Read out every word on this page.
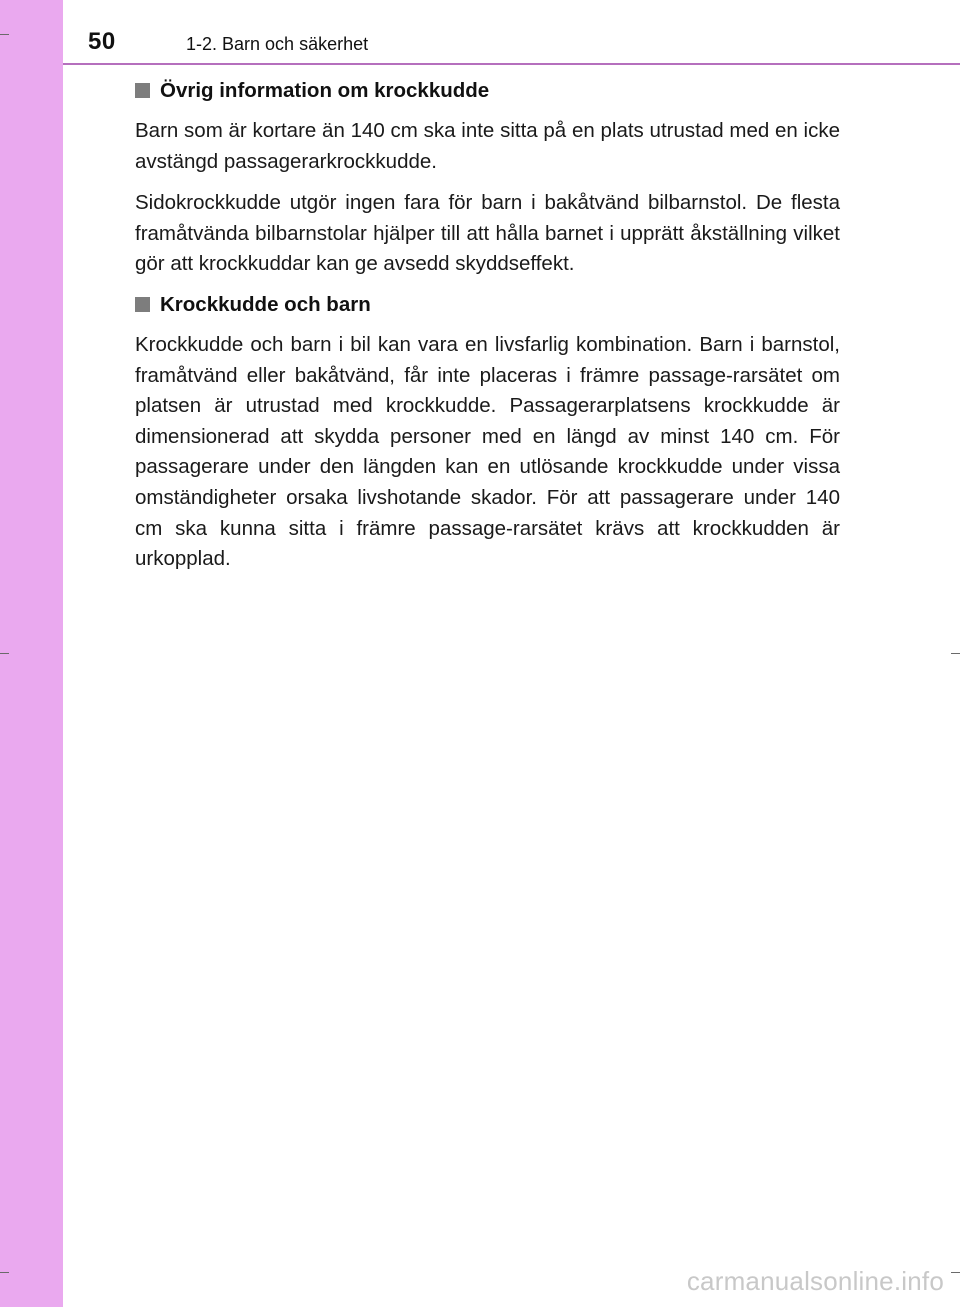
50	1-2. Barn och säkerhet
Övrig information om krockkudde

Barn som är kortare än 140 cm ska inte sitta på en plats utrustad med en icke avstängd passagerarkrockkudde.

Sidokrockkudde utgör ingen fara för barn i bakåtvänd bilbarnstol. De flesta framåtvända bilbarnstolar hjälper till att hålla barnet i upprätt åkställning vilket gör att krockkuddar kan ge avsedd skyddseffekt.

Krockkudde och barn

Krockkudde och barn i bil kan vara en livsfarlig kombination. Barn i barnstol, framåtvänd eller bakåtvänd, får inte placeras i främre passage-rarsätet om platsen är utrustad med krockkudde. Passagerarplatsens krockkudde är dimensionerad att skydda personer med en längd av minst 140 cm. För passagerare under den längden kan en utlösande krockkudde under vissa omständigheter orsaka livshotande skador. För att passagerare under 140 cm ska kunna sitta i främre passage-rarsätet krävs att krockkudden är urkopplad.

carmanualsonline.info
